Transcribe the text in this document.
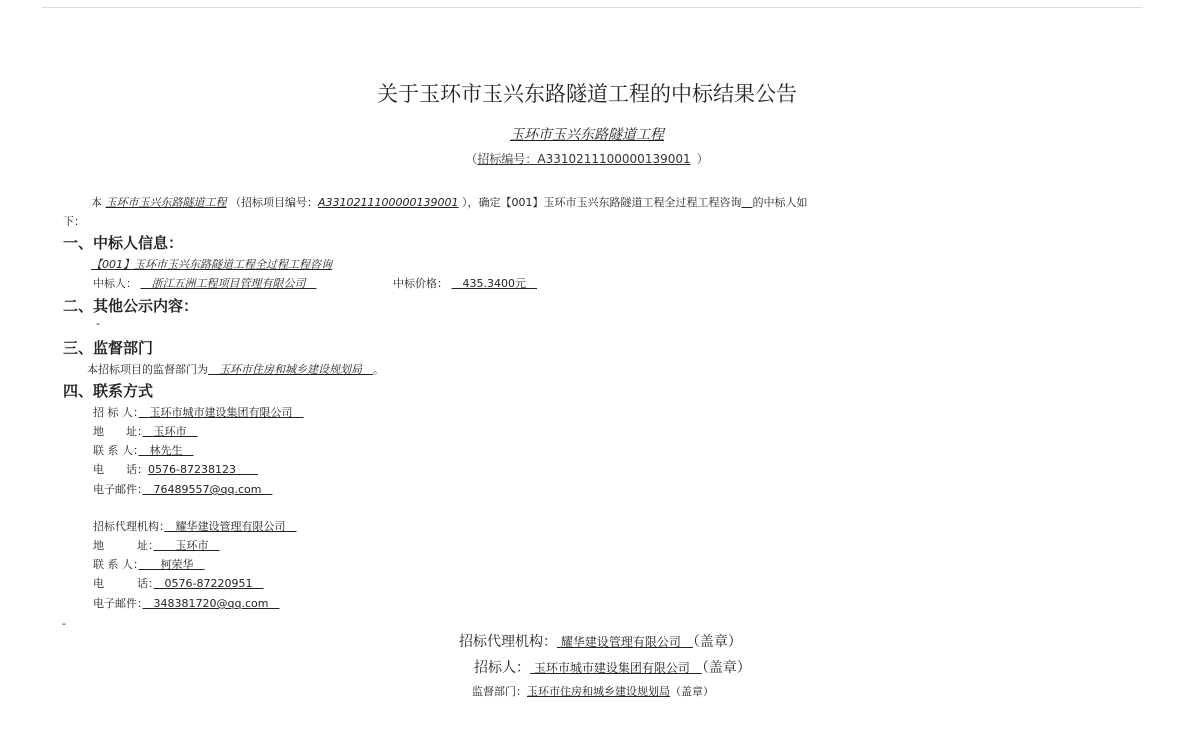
关于玉环市玉兴东路隧道工程的中标结果公告
玉环市玉兴东路隧道工程
（招标编号：A3310211100000139001 ）
本 玉环市玉兴东路隧道工程 （招标项目编号：A3310211100000139001 ），确定【001】玉环市玉兴东路隧道工程全过程工程咨询　 的中标人如
下：
一、中标人信息：
【001】玉环市玉兴东路隧道工程全过程工程咨询
中标人： 　 浙江五洲工程项目管理有限公司　	中标价格： 　 435.3400元　
二、其他公示内容：
-
三、监督部门
本招标项目的监督部门为　 玉环市住房和城乡建设规划局　 。
四、联系方式
招 标 人：　 玉环市城市建设集团有限公司　
地　　址：　 玉环市　
联 系 人：　 林先生　
电　　话：0576-87238123　　
电子邮件：　 76489557@qq.com　
招标代理机构：　 耀华建设管理有限公司　
地　　　址：　　 玉环市　
联 系 人：　　 柯荣华　
电　　　话：　 0576-87220951　
电子邮件：　 348381720@qq.com　
-
招标代理机构： 耀华建设管理有限公司　 （盖章）
招标人： 玉环市城市建设集团有限公司　 （盖章）
监督部门：玉环市住房和城乡建设规划局（盖章）
